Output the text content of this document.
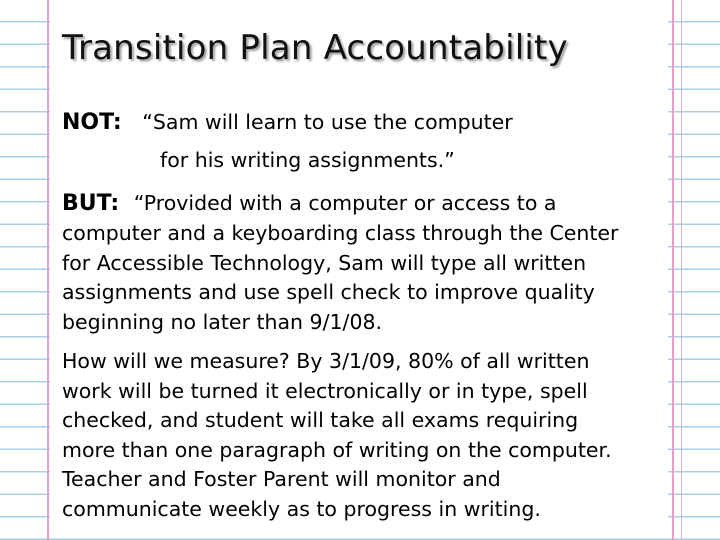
Transition Plan Accountability

NOT: “Sam will learn to use the computer

for his writing assignments.”

BUT: “Provided with a computer or access to a

computer and a keyboarding class through the Center
for Accessible Technology, Sam will type all written
assignments and use spell check to improve quality
beginning no later than 9/1/08.
How will we measure? By 3/1/09, 80% of all written
work will be turned it electronically or in type, spell
checked, and student will take all exams requiring
more than one paragraph of writing on the computer.
Teacher and Foster Parent will monitor and
communicate weekly as to progress in writing.
